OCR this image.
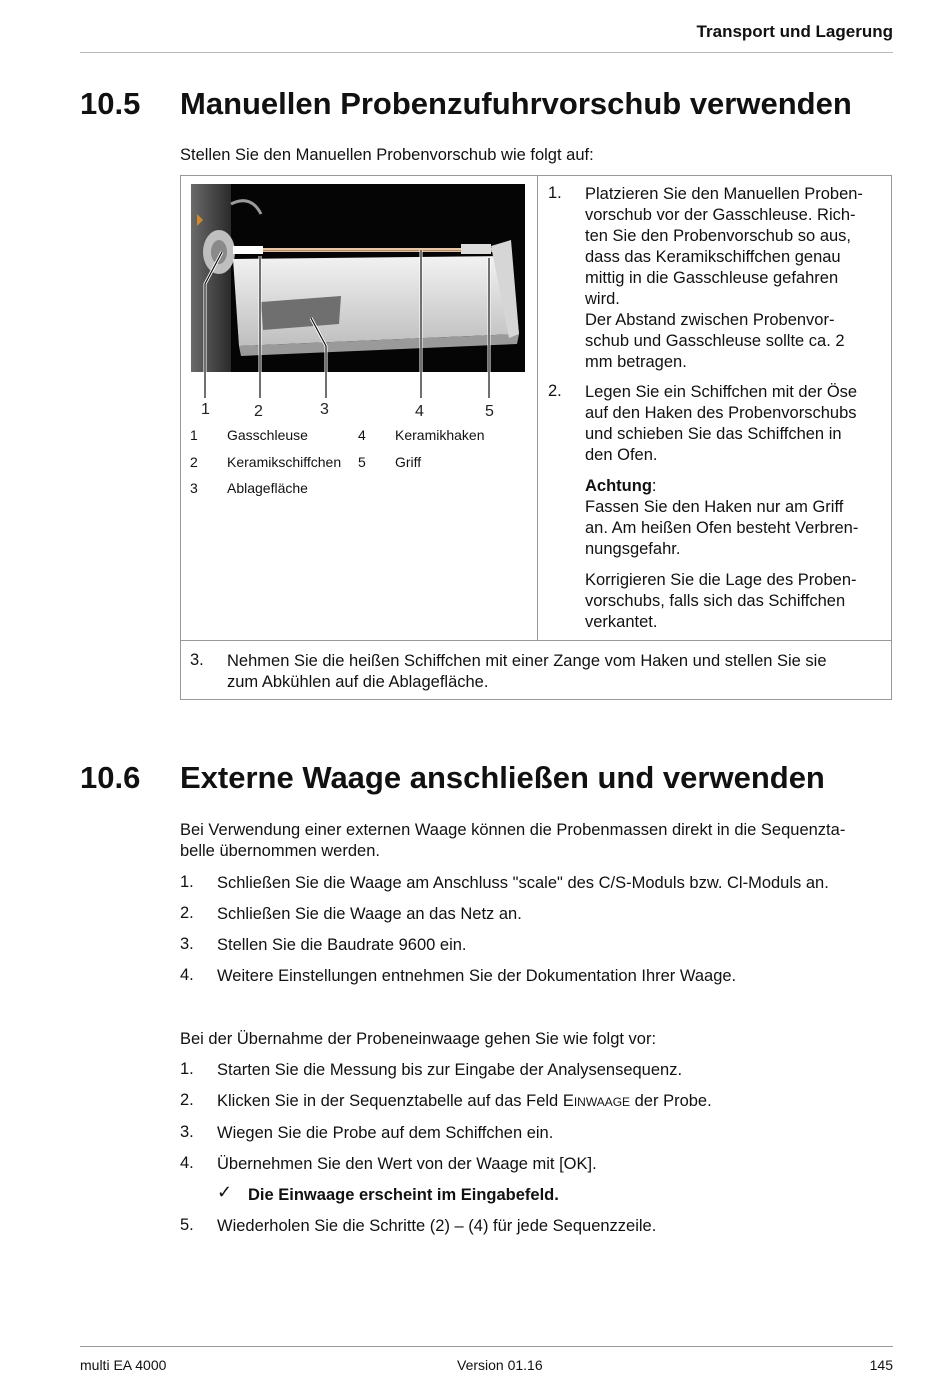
Transport und Lagerung
10.5 Manuellen Probenzufuhrvorschub verwenden
Stellen Sie den Manuellen Probenvorschub wie folgt auf:
1	2	3	4	5
1 Gasschleuse
2 Keramikschiffchen
3 Ablagefläche
4 Keramikhaken
5 Griff
1. Platzieren Sie den Manuellen Proben-
vorschub vor der Gasschleuse. Rich-
ten Sie den Probenvorschub so aus,
dass das Keramikschiffchen genau
mittig in die Gasschleuse gefahren
wird.
Der Abstand zwischen Probenvor-
schub und Gasschleuse sollte ca. 2
mm betragen.
2. Legen Sie ein Schiffchen mit der Öse
auf den Haken des Probenvorschubs
und schieben Sie das Schiffchen in
den Ofen.
Achtung:
Fassen Sie den Haken nur am Griff
an. Am heißen Ofen besteht Verbren-
nungsgefahr.
Korrigieren Sie die Lage des Proben-
vorschubs, falls sich das Schiffchen
verkantet.
3. Nehmen Sie die heißen Schiffchen mit einer Zange vom Haken und stellen Sie sie
zum Abkühlen auf die Ablagefläche.
10.6 Externe Waage anschließen und verwenden
Bei Verwendung einer externen Waage können die Probenmassen direkt in die Sequenzta-
belle übernommen werden.
1. Schließen Sie die Waage am Anschluss "scale" des C/S-Moduls bzw. Cl-Moduls an.
2. Schließen Sie die Waage an das Netz an.
3. Stellen Sie die Baudrate 9600 ein.
4. Weitere Einstellungen entnehmen Sie der Dokumentation Ihrer Waage.
Bei der Übernahme der Probeneinwaage gehen Sie wie folgt vor:
1. Starten Sie die Messung bis zur Eingabe der Analysensequenz.
2. Klicken Sie in der Sequenztabelle auf das Feld Einwaage der Probe.
3. Wiegen Sie die Probe auf dem Schiffchen ein.
4. Übernehmen Sie den Wert von der Waage mit [OK].
✓ Die Einwaage erscheint im Eingabefeld.
5. Wiederholen Sie die Schritte (2) – (4) für jede Sequenzzeile.
multi EA 4000	Version 01.16	145
